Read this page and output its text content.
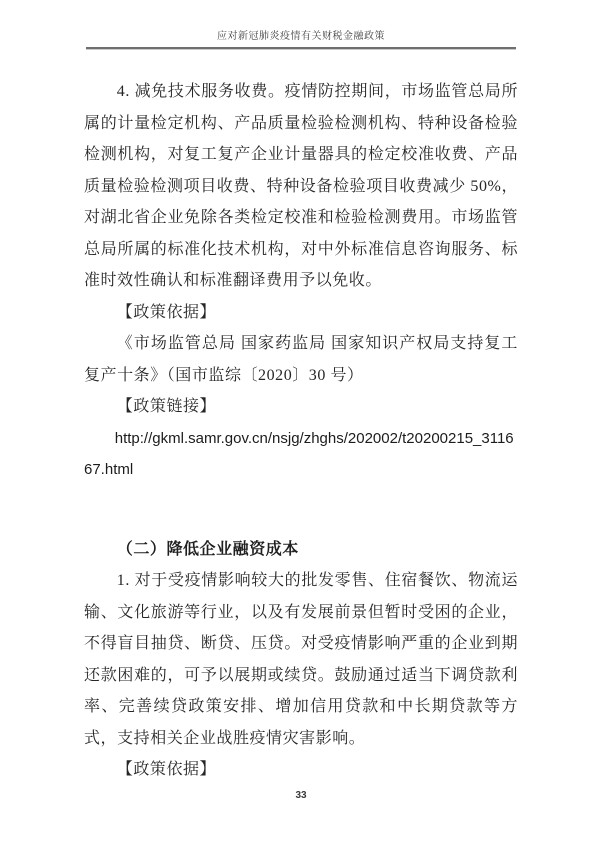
应对新冠肺炎疫情有关财税金融政策

4. 减免技术服务收费。疫情防控期间，市场监管总局所属的计量检定机构、产品质量检验检测机构、特种设备检验检测机构，对复工复产企业计量器具的检定校准收费、产品质量检验检测项目收费、特种设备检验项目收费减少 50%，对湖北省企业免除各类检定校准和检验检测费用。市场监管总局所属的标准化技术机构，对中外标准信息咨询服务、标准时效性确认和标准翻译费用予以免收。

【政策依据】

《市场监管总局 国家药监局 国家知识产权局支持复工复产十条》（国市监综〔2020〕30 号）

【政策链接】

http://gkml.samr.gov.cn/nsjg/zhghs/202002/t20200215_311667.html

（二）降低企业融资成本

1. 对于受疫情影响较大的批发零售、住宿餐饮、物流运输、文化旅游等行业，以及有发展前景但暂时受困的企业，不得盲目抽贷、断贷、压贷。对受疫情影响严重的企业到期还款困难的，可予以展期或续贷。鼓励通过适当下调贷款利率、完善续贷政策安排、增加信用贷款和中长期贷款等方式，支持相关企业战胜疫情灾害影响。

【政策依据】

33
